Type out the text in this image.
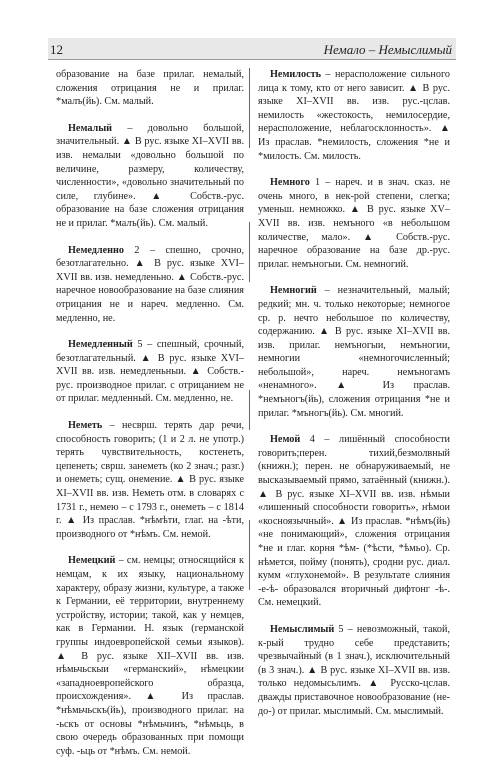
12	Немало – Немыслимый

образование на базе прилаг. немалый, сложения отрицания не и прилаг. *малъ(йь). См. малый.

Немалый – довольно большой, значительный. ▲ В рус. языке XI–XVII вв. изв. немалыи «довольно большой по величине, размеру, количеству, численности», «довольно значительный по силе, глубине». ▲ Собств.-рус. образование на базе сложения отрицания не и прилаг. *малъ(йь). См. малый.

Немедленно 2 – спешно, срочно, безотлагательно. ▲ В рус. языке XVI–XVII вв. изв. немедленьно. ▲ Собств.-рус. наречное новообразование на базе слияния отрицания не и нареч. медленно. См. медленно, не.

Немедленный 5 – спешный, срочный, безотлагательный. ▲ В рус. языке XVI–XVII вв. изв. немедленьныи. ▲ Собств.-рус. производное прилаг. с отрицанием не от прилаг. медленный. См. медленно, не.

Неметь – несврш. терять дар речи, способность говорить; (1 и 2 л. не употр.) терять чувствительность, костенеть, цепенеть; сврш. занеметь (ко 2 знач.; разг.) и онеметь; сущ. онемение. ▲ В рус. языке XI–XVII вв. изв. Неметь отм. в словарях с 1731 г., немею – с 1793 г., онеметь – с 1814 г. ▲ Из праслав. *нѣмѣти, глаг. на -ѣти, производного от *нѣмъ. См. немой.

Немецкий – см. немцы; относящийся к немцам, к их языку, национальному характеру, образу жизни, культуре, а также к Германии, её территории, внутреннему устройству, истории; такой, как у немцев, как в Германии. Н. язык (германской группы индоевропейской семьи языков). ▲ В рус. языке XII–XVII вв. изв. нѣмьчьскыи «германский», нѣмецкии «западноевропейского образца, происхождения». ▲ Из праслав. *нѣмьчьскъ(йь), производного прилаг. на -ьскъ от основы *нѣмьчинъ, *нѣмьць, в свою очередь образованных при помощи суф. -ьць от *нѣмъ. См. немой.

Немилость – нерасположение сильного лица к тому, кто от него зависит. ▲ В рус. языке XI–XVII вв. изв. рус.-цслав. немилость «жестокость, немилосердие, нерасположение, неблагосклонность». ▲ Из праслав. *немилость, сложения *не и *милость. См. милость.

Немного 1 – нареч. и в знач. сказ. не очень много, в нек-рой степени, слегка; уменьш. немножко. ▲ В рус. языке XV–XVII вв. изв. немъного «в небольшом количестве, мало». ▲ Собств.-рус. наречное образование на базе др.-рус. прилаг. немъногыи. См. немногий.

Немногий – незначительный, малый; редкий; мн. ч. только некоторые; немногое ср. р. нечто небольшое по количеству, содержанию. ▲ В рус. языке XI–XVII вв. изв. прилаг. немъногыи, немъногии, немногии «немногочисленный; небольшой», нареч. немъногамъ «ненамного». ▲ Из праслав. *немъногъ(йь), сложения отрицания *не и прилаг. *мъногъ(йь). См. многий.

Немой 4 – лишённый способности говорить;перен. тихий,безмолвный (книжн.); перен. не обнаруживаемый, не высказываемый прямо, затаённый (книжн.). ▲ В рус. языке XI–XVII вв. изв. нѣмыи «лишенный способности говорить», нѣмои «косноязычный». ▲ Из праслав. *нѣмъ(йь) «не понимающий», сложения отрицания *не и глаг. корня *ѣм- (*ѣсти, *ѣмьо). Ср. нѣмется, пойму (понять), сродни рус. диал. кумм «глухонемой». В результате слияния -е-ѣ- образовался вторичный дифтонг -ѣ-. См. немецкий.

Немыслимый 5 – невозможный, такой, к-рый трудно себе представить; чрезвычайный (в 1 знач.), исключительный (в 3 знач.). ▲ В рус. языке XI–XVII вв. изв. только недомысьлимъ. ▲ Русско-цслав. дважды приставочное новообразование (не-до-) от прилаг. мыслимый. См. мыслимый.
